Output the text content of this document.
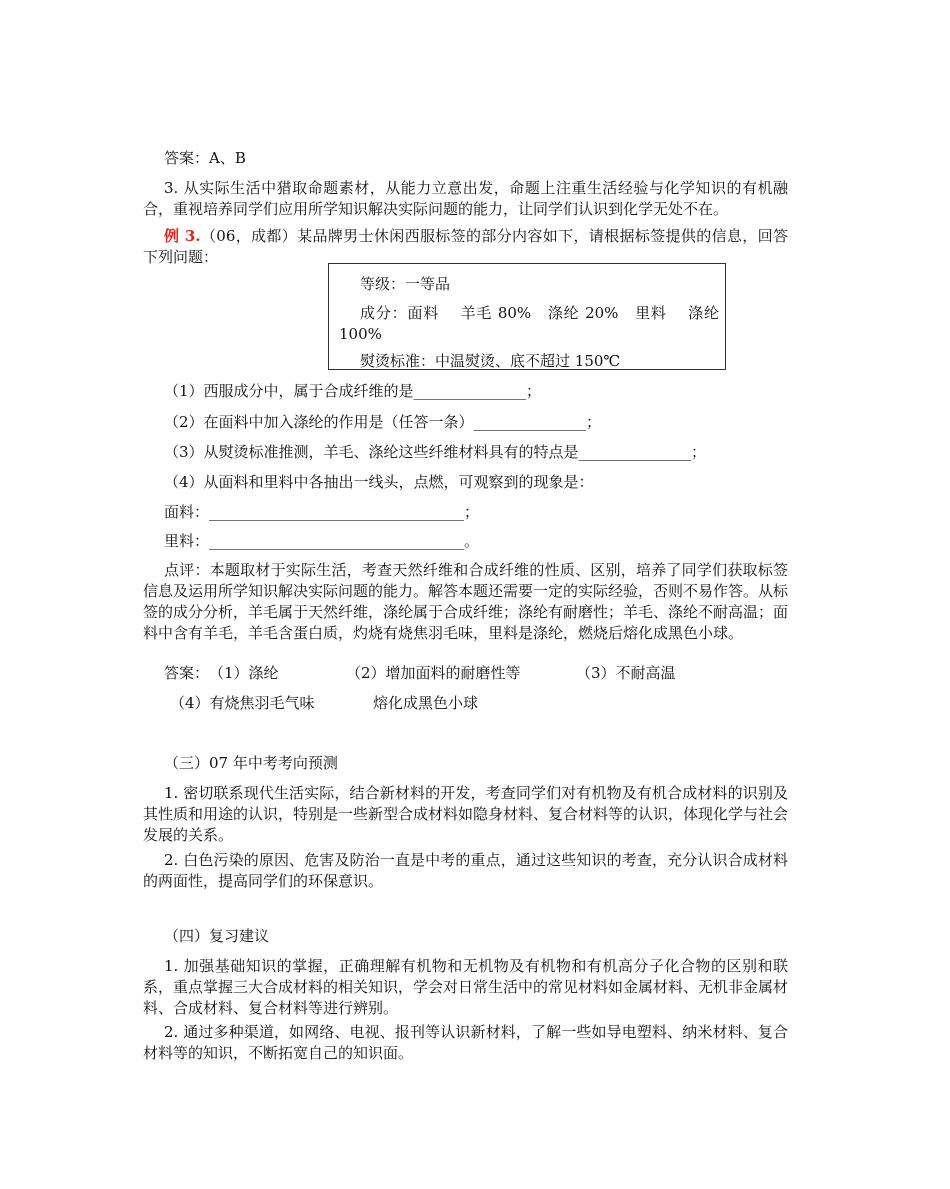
答案：A、B

3. 从实际生活中猎取命题素材，从能力立意出发，命题上注重生活经验与化学知识的有机融合，重视培养同学们应用所学知识解决实际问题的能力，让同学们认识到化学无处不在。

例 3.（06，成都）某品牌男士休闲西服标签的部分内容如下，请根据标签提供的信息，回答下列问题：

等级：一等品
成分：面料　 羊毛 80%　涤纶 20%　里料　 涤纶 100%
熨烫标准：中温熨烫、底不超过 150℃
（1）西服成分中，属于合成纤维的是_______________；
（2）在面料中加入涤纶的作用是（任答一条）_______________；
（3）从熨烫标准推测，羊毛、涤纶这些纤维材料具有的特点是_______________；
（4）从面料和里料中各抽出一线头，点燃，可观察到的现象是：
面料：__________________________________；
里料：__________________________________。

点评：本题取材于实际生活，考查天然纤维和合成纤维的性质、区别，培养了同学们获取标签信息及运用所学知识解决实际问题的能力。解答本题还需要一定的实际经验，否则不易作答。从标签的成分分析，羊毛属于天然纤维，涤纶属于合成纤维；涤纶有耐磨性；羊毛、涤纶不耐高温；面料中含有羊毛，羊毛含蛋白质，灼烧有烧焦羽毛味，里料是涤纶，燃烧后熔化成黑色小球。

答案： （1）涤纶	（2）增加面料的耐磨性等	（3）不耐高温
（4）有烧焦羽毛气味	熔化成黑色小球
（三）07 年中考考向预测

1. 密切联系现代生活实际，结合新材料的开发，考查同学们对有机物及有机合成材料的识别及其性质和用途的认识，特别是一些新型合成材料如隐身材料、复合材料等的认识，体现化学与社会发展的关系。

2. 白色污染的原因、危害及防治一直是中考的重点，通过这些知识的考查，充分认识合成材料的两面性，提高同学们的环保意识。

（四）复习建议

1. 加强基础知识的掌握，正确理解有机物和无机物及有机物和有机高分子化合物的区别和联系，重点掌握三大合成材料的相关知识，学会对日常生活中的常见材料如金属材料、无机非金属材料、合成材料、复合材料等进行辨别。

2. 通过多种渠道，如网络、电视、报刊等认识新材料，了解一些如导电塑料、纳米材料、复合材料等的知识，不断拓宽自己的知识面。
